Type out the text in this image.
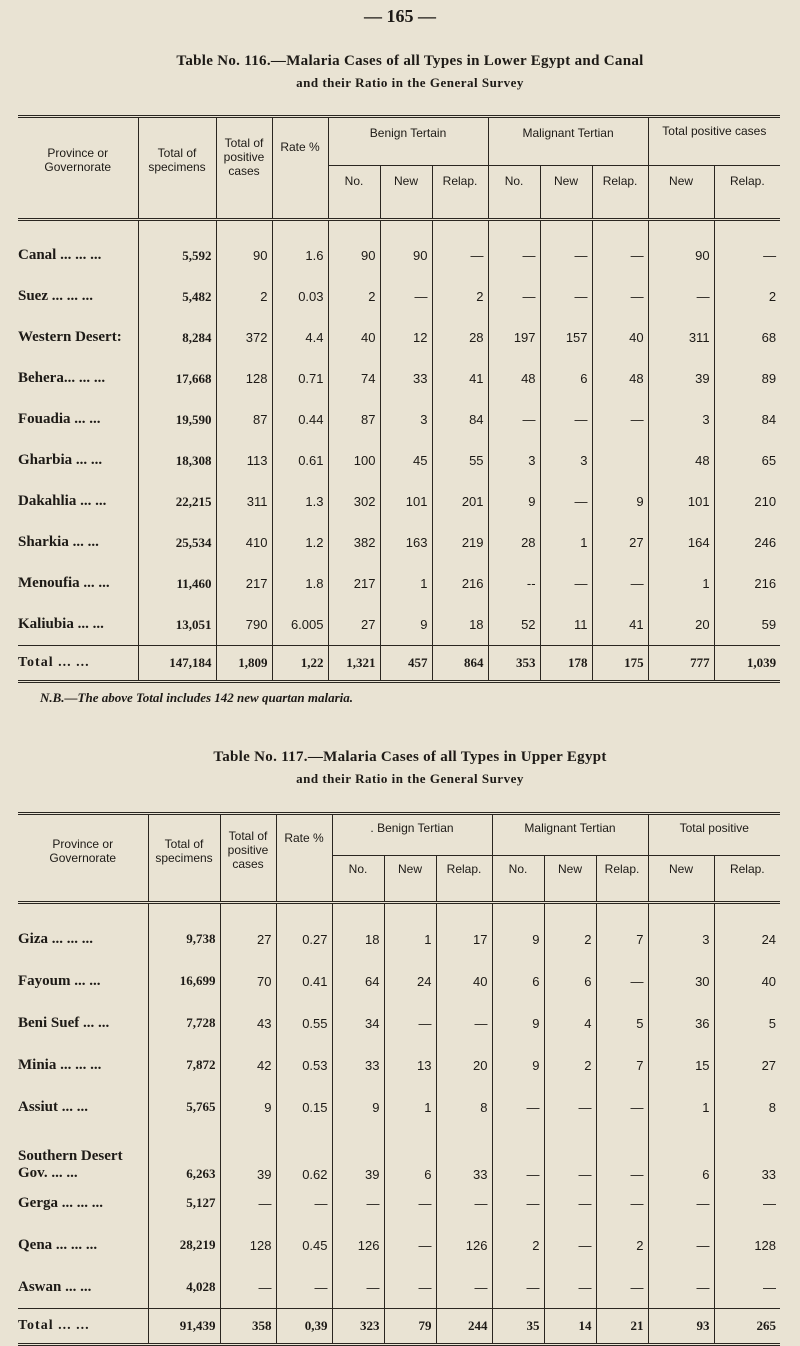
— 165 —
Table No. 116.—Malaria Cases of all Types in Lower Egypt and Canal
and their Ratio in the General Survey
Province or Governorate	Total of specimens	Total of positive cases	Rate %	Benign Tertain			Malignant Tertian			Total positive cases	
				No.	New	Relap.	No.	New	Relap.	New	Relap.
Canal ... ... ...	5,592	90	1.6	90	90	—	—	—	—	90	—
Suez ... ... ...	5,482	2	0.03	2	—	2	—	—	—	—	2
Western Desert:	8,284	372	4.4	40	12	28	197	157	40	311	68
Behera... ... ...	17,668	128	0.71	74	33	41	48	6	48	39	89
Fouadia ... ...	19,590	87	0.44	87	3	84	—	—	—	3	84
Gharbia ... ...	18,308	113	0.61	100	45	55	3	3		48	65
Dakahlia ... ...	22,215	311	1.3	302	101	201	9	—	9	101	210
Sharkia ... ...	25,534	410	1.2	382	163	219	28	1	27	164	246
Menoufia ... ...	11,460	217	1.8	217	1	216	--	—	—	1	216
Kaliubia ... ...	13,051	790	6.005	27	9	18	52	11	41	20	59
Total ... ...	147,184	1,809	1,22	1,321	457	864	353	178	175	777	1,039
N.B.—The above Total includes 142 new quartan malaria.
Table No. 117.—Malaria Cases of all Types in Upper Egypt
and their Ratio in the General Survey
Province or Governorate	Total of specimens	Total of positive cases	Rate %	. Benign Tertian			Malignant Tertian			Total positive	
				No.	New	Relap.	No.	New	Relap.	New	Relap.
Giza ... ... ...	9,738	27	0.27	18	1	17	9	2	7	3	24
Fayoum ... ...	16,699	70	0.41	64	24	40	6	6	—	30	40
Beni Suef ... ...	7,728	43	0.55	34	—	—	9	4	5	36	5
Minia ... ... ...	7,872	42	0.53	33	13	20	9	2	7	15	27
Assiut ... ...	5,765	9	0.15	9	1	8	—	—	—	1	8

Southern Desert
Gov. ... ...	6,263	39	0.62	39	6	33	—	—	—	6	33
Gerga ... ... ...	5,127	—	—	—	—	—	—	—	—	—	—
Qena ... ... ...	28,219	128	0.45	126	—	126	2	—	2	—	128
Aswan ... ...	4,028	—	—	—	—	—	—	—	—	—	—
Total ... ...	91,439	358	0,39	323	79	244	35	14	21	93	265
